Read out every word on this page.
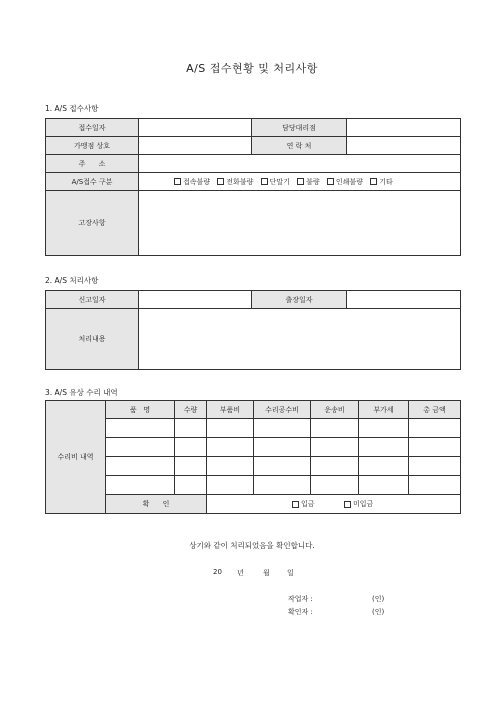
A/S 접수현황 및 처리사항
1. A/S 접수사항
접수일자		담당대리점	
가맹점 상호		연 락 처	
주      소			
A/S접수 구분	접속불량 전화불량 단말기 불량 인쇄불량 기타		
고장사항			
2. A/S 처리사항
신고일자		출장일자	
처리내용			
3. A/S 유상 수리 내역
수리비 내역	품   명	수량	부품비	수리공수비	운송비	부가세	총 금액

	확      인		입금 미입금				
상기와 같이 처리되었음을 확인합니다.
20 년	월 일
작업자 :	(인)
확인자 :	(인)
